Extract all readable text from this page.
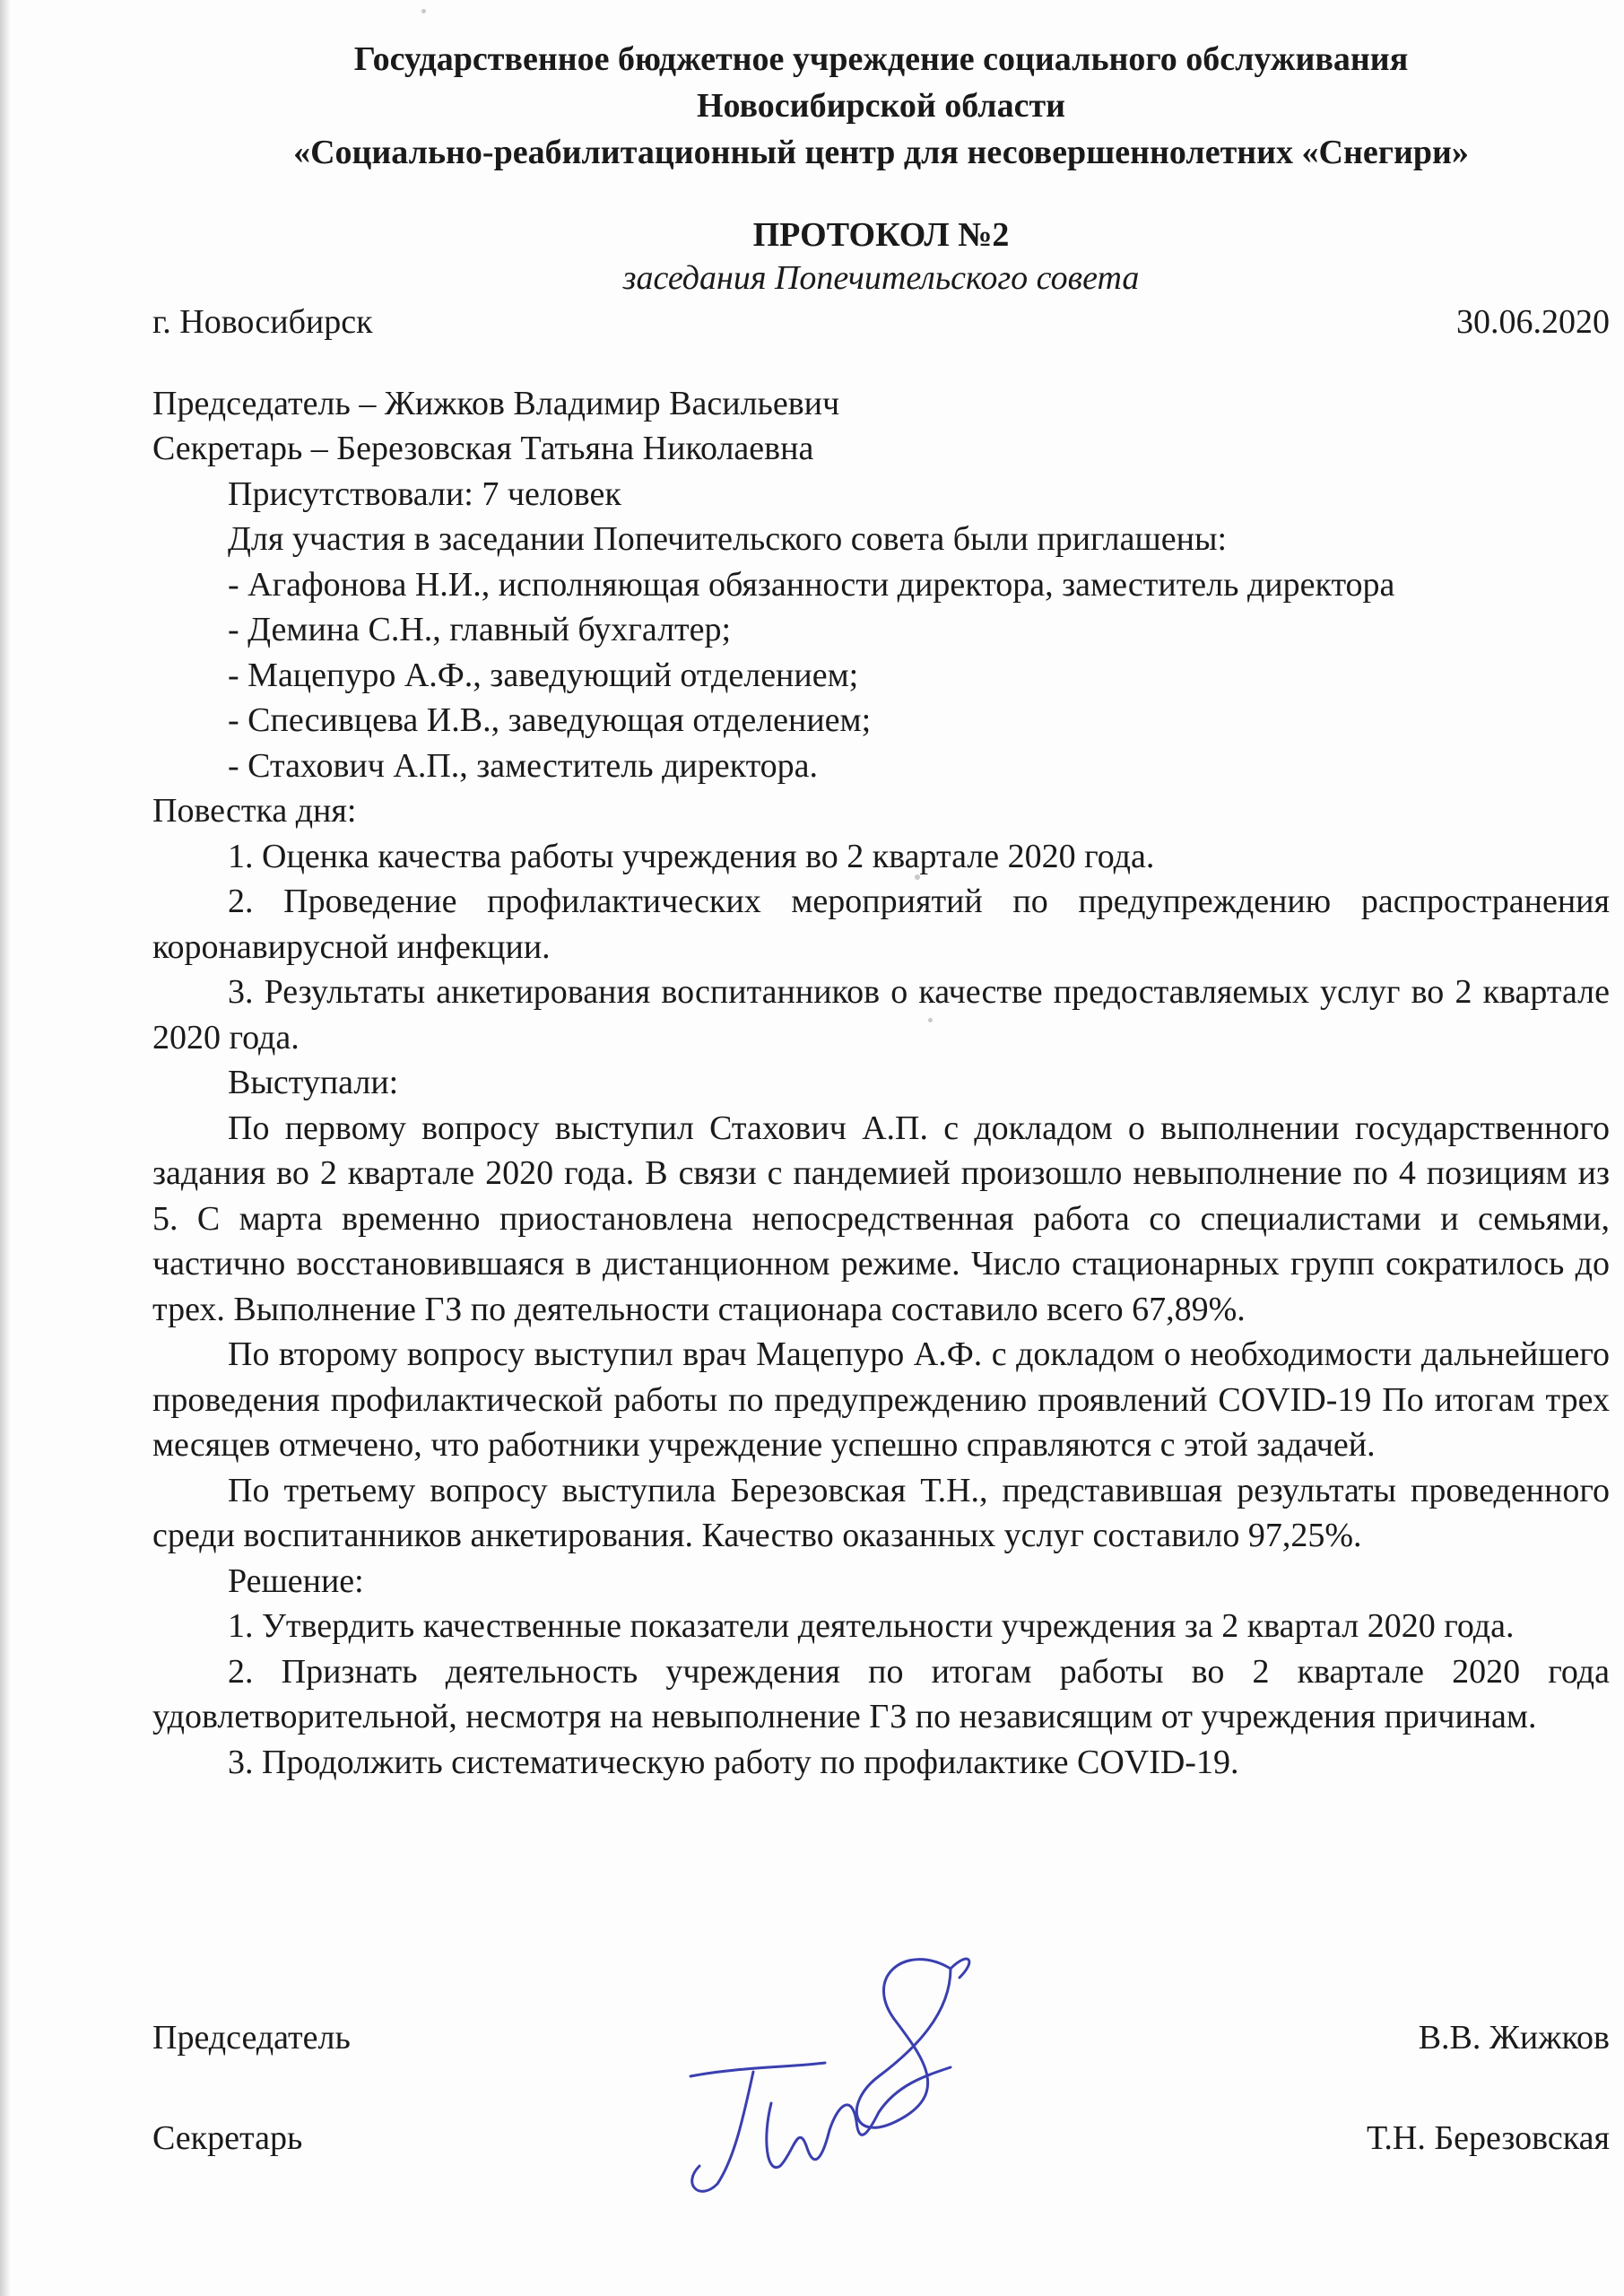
Государственное бюджетное учреждение социального обслуживания
Новосибирской области
«Социально-реабилитационный центр для несовершеннолетних «Снегири»
ПРОТОКОЛ №2
заседания Попечительского совета
г. Новосибирск	30.06.2020
Председатель – Жижков Владимир Васильевич
Секретарь – Березовская Татьяна Николаевна
Присутствовали: 7 человек
Для участия в заседании Попечительского совета были приглашены:
- Агафонова Н.И., исполняющая обязанности директора, заместитель директора
- Демина С.Н., главный бухгалтер;
- Мацепуро А.Ф., заведующий отделением;
- Спесивцева И.В., заведующая отделением;
- Стахович А.П., заместитель директора.
Повестка дня:
1. Оценка качества работы учреждения во 2 квартале 2020 года.
2. Проведение профилактических мероприятий по предупреждению распространения коронавирусной инфекции.
3. Результаты анкетирования воспитанников о качестве предоставляемых услуг во 2 квартале 2020 года.
Выступали:
По первому вопросу выступил Стахович А.П. с докладом о выполнении государственного задания во 2 квартале 2020 года. В связи с пандемией произошло невыполнение по 4 позициям из 5. С марта временно приостановлена непосредственная работа со специалистами и семьями, частично восстановившаяся в дистанционном режиме. Число стационарных групп сократилось до трех. Выполнение ГЗ по деятельности стационара составило всего 67,89%.
По второму вопросу выступил врач Мацепуро А.Ф. с докладом о необходимости дальнейшего проведения профилактической работы по предупреждению проявлений COVID-19 По итогам трех месяцев отмечено, что работники учреждение успешно справляются с этой задачей.
По третьему вопросу выступила Березовская Т.Н., представившая результаты проведенного среди воспитанников анкетирования. Качество оказанных услуг составило 97,25%.
Решение:
1. Утвердить качественные показатели деятельности учреждения за 2 квартал 2020 года.
2. Признать деятельность учреждения по итогам работы во 2 квартале 2020 года удовлетворительной, несмотря на невыполнение ГЗ по независящим от учреждения причинам.
3. Продолжить систематическую работу по профилактике COVID-19.
Председатель	В.В. Жижков
Секретарь	Т.Н. Березовская
